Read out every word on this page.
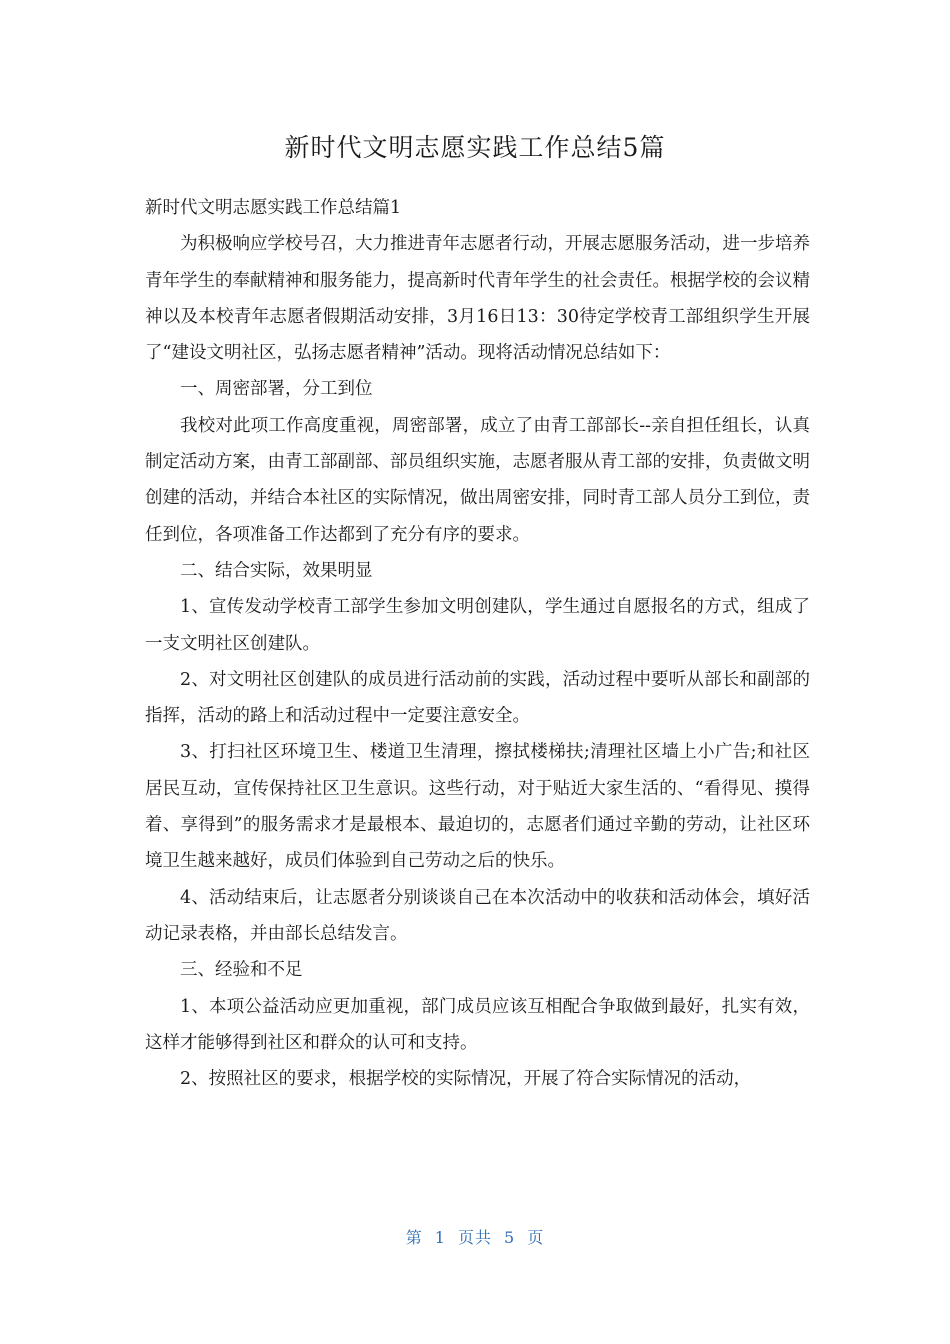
新时代文明志愿实践工作总结5篇

新时代文明志愿实践工作总结篇1

为积极响应学校号召，大力推进青年志愿者行动，开展志愿服务活动，进一步培养青年学生的奉献精神和服务能力，提高新时代青年学生的社会责任。根据学校的会议精神以及本校青年志愿者假期活动安排，3月16日13：30待定学校青工部组织学生开展了“建设文明社区，弘扬志愿者精神”活动。现将活动情况总结如下：

一、周密部署，分工到位

我校对此项工作高度重视，周密部署，成立了由青工部部长--亲自担任组长，认真制定活动方案，由青工部副部、部员组织实施，志愿者服从青工部的安排，负责做文明创建的活动，并结合本社区的实际情况，做出周密安排，同时青工部人员分工到位，责任到位，各项准备工作达都到了充分有序的要求。

二、结合实际，效果明显

1、宣传发动学校青工部学生参加文明创建队，学生通过自愿报名的方式，组成了一支文明社区创建队。

2、对文明社区创建队的成员进行活动前的实践，活动过程中要听从部长和副部的指挥，活动的路上和活动过程中一定要注意安全。

3、打扫社区环境卫生、楼道卫生清理，擦拭楼梯扶;清理社区墙上小广告;和社区居民互动，宣传保持社区卫生意识。这些行动，对于贴近大家生活的、“看得见、摸得着、享得到”的服务需求才是最根本、最迫切的，志愿者们通过辛勤的劳动，让社区环境卫生越来越好，成员们体验到自己劳动之后的快乐。

4、活动结束后，让志愿者分别谈谈自己在本次活动中的收获和活动体会，填好活动记录表格，并由部长总结发言。

三、经验和不足

1、本项公益活动应更加重视，部门成员应该互相配合争取做到最好，扎实有效，这样才能够得到社区和群众的认可和支持。

2、按照社区的要求，根据学校的实际情况，开展了符合实际情况的活动，

第 1 页共 5 页
